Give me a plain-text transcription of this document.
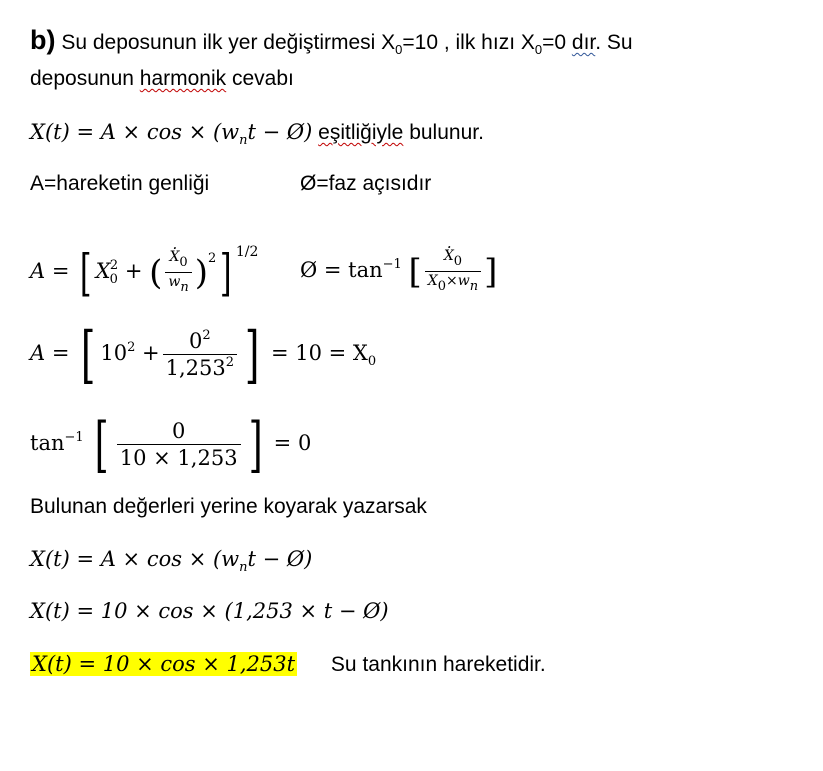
b) Su deposunun ilk yer değiştirmesi $X_0=10$ , ilk hızı $X_0=0$ dır. Su
deposunun harmonik cevabı
$X(t) = A \times \cos \times (w_nt$ − Ø) eşitliğiyle bulunur.
A=hareketin genliği	Ø=faz açısıdır
A = [ $X_0^2$ + ( $\frac{X \cdot 0}{wn} )^2$] $^{1/2}$
Ø = $\tan^{-1}$ [ $\frac{X \cdot 0}{X0\times wn}$ ]
A = [ $10^2 + \frac{0^2}{1,253^2}$ ] = $10 = X_0$
$\tan^{-1}$ [ $\frac{0}{10 \times 1,253}$ ] = 0
Bulunan değerleri yerine koyarak yazarsak
$X(t) = A \times \cos \times (w_nt$ − Ø)
X(t) = 10 × cos × (1,253 × t − Ø)
X(t) = 10 × cos × 1,253t Su tankının hareketidir.
